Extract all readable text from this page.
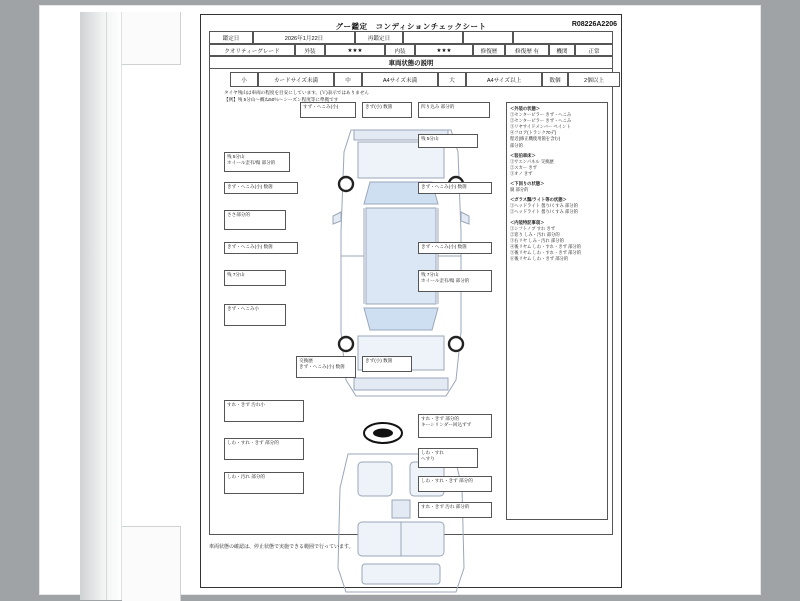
グー鑑定　コンディションチェックシート	R08226A2206
鑑定日	2026年1月22日	再鑑定日
クオリティーグレード	外装	★★★	内装	★★★	修復歴	修復歴 有	機関	正常
車両状態の説明
小	カードサイズ未満	中	A4サイズ未満	大	A4サイズ以上	数個	2個以上
タイヤ残山は車両の程度を目安にしています。(Ｖ)表示ではありません
【例】残 5分山～概ね50％～シーズン程度等に準拠です
残 5分山
ホイール歪有/傷 部分的
きず・へこみ(小) 数箇
ささ部分的
きず・へこみ(小) 数箇
残 7分山
きず・へこみ小
すれ・きず 汚れ小
しわ・すれ・きず 部分的
しわ・汚れ 部分的
すず・へこみ(小)	きず(小) 数箇	凹り込み 部分的
残 5分山
きず・へこみ(小) 数箇
きず・へこみ(小) 数箇
残 7分山
ホイール歪有/傷 部分的
すれ・きず 部分的
キーシリンダー回込ずず
しわ・すれ
へすり
しわ・すれ・きず 部分的
すれ・きず 汚れ 部分的
交換歴
きず・へこみ(小) 数箇
きず(小) 数箇
＜外装の状態＞
①センターピラー きず・へこみ
②センターピラー きず・へこみ
③リヤサイドメンバー ペイント
④フロア(トランク70デ)
程近(修正機使用箇を含む)
部分的
＜装伯車床＞
①サエンパネル 交換歴
②スカー きず
③オノ きず
＜下回りの状態＞
腐 部分的
＜ガラス類/ライト等の状態＞
①ヘッドライト 曇り/くすみ 部分的
②ヘッドライト 曇り/くすみ 部分的
＜内装特記事項＞
①シフトノブ すれ きず
②窓り しみ・汚れ 部分的
③右リヤ しみ・汚れ 部分的
④後リヤム しわ・すれ・きず 部分的
⑤後リヤム しわ・すれ・きず 部分的
⑥後リヤム しわ・きず 部分的
車両状態の確認は、停止状態で実施できる範囲で行っています。
